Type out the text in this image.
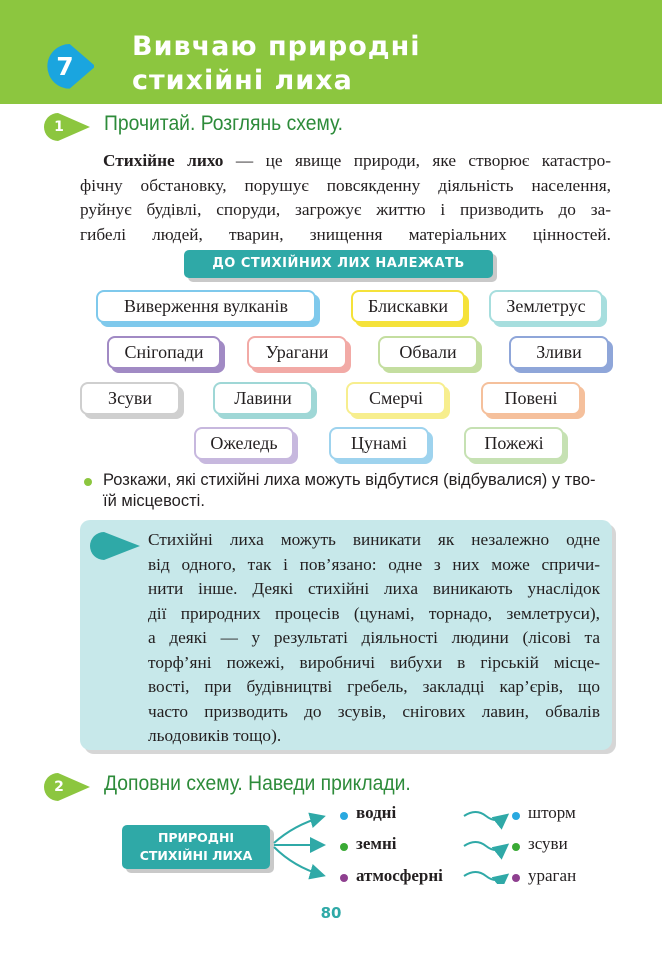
7
Вивчаю природні
стихійні лиха
1	Прочитай. Розглянь схему.
Стихійне лихо — це явище природи, яке створює катастро-
фічну обстановку, порушує повсякденну діяльність населення,
руйнує будівлі, споруди, загрожує життю і призводить до за-
гибелі людей, тварин, знищення матеріальних цінностей.
ДО СТИХІЙНИХ ЛИХ НАЛЕЖАТЬ
Виверження вулканів	Блискавки	Землетрус
Снігопади	Урагани	Обвали	Зливи
Зсуви	Лавини	Смерчі	Повені
Ожеледь	Цунамі	Пожежі
Розкажи, які стихійні лиха можуть відбутися (відбувалися) у тво-
їй місцевості.
Стихійні лиха можуть виникати як незалежно одне
від одного, так і пов’язано: одне з них може спричи-
нити інше. Деякі стихійні лиха виникають унаслідок
дії природних процесів (цунамі, торнадо, землетруси),
а деякі — у результаті діяльності людини (лісові та
торф’яні пожежі, виробничі вибухи в гірській місце-
вості, при будівництві гребель, закладці кар’єрів, що
часто призводить до зсувів, снігових лавин, обвалів
льодовиків тощо).
2	Доповни схему. Наведи приклади.
ПРИРОДНІ
СТИХІЙНІ ЛИХА
водні
земні
атмосферні
шторм
зсуви
ураган
80
